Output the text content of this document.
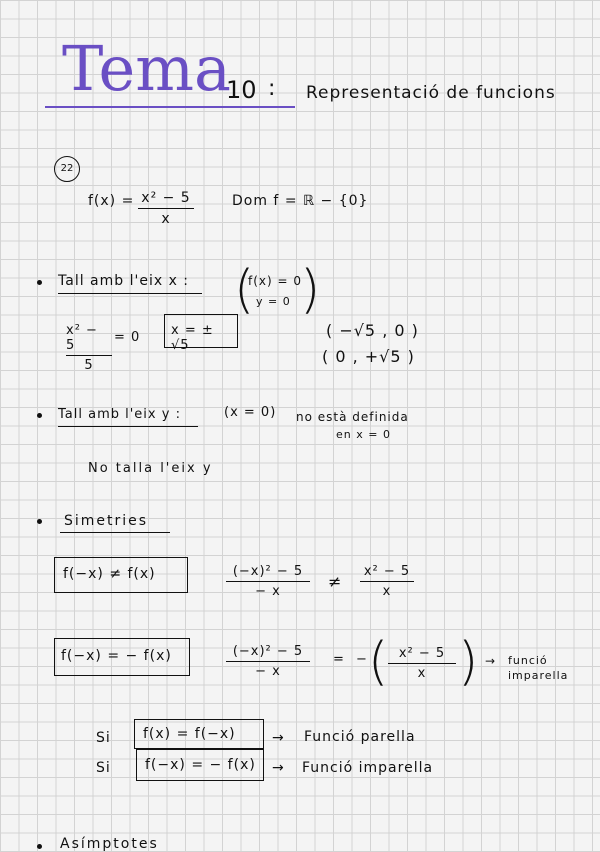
Tema
10 : Representació de funcions
22
f(x) = x² − 5
x
Dom f = ℝ − {0}
Tall amb l'eix x : (
f(x) = 0
y = 0 )
x² − 5
5
= 0	x = ± √5
( −√5 , 0 )
( 0 , +√5 )
Tall amb l'eix y :	(x = 0) no està definida
en x = 0
No talla l'eix y
Simetries
f(−x) ≠ f(x)	(−x)² − 5
− x
≠
x² − 5
x
f(−x) = − f(x)	(−x)² − 5
− x
= − ( x² − 5
x ) → funció
imparella
Si	f(x) = f(−x)	→ Funció parella
Si	f(−x) = − f(x)	→ Funció imparella
Asímptotes
